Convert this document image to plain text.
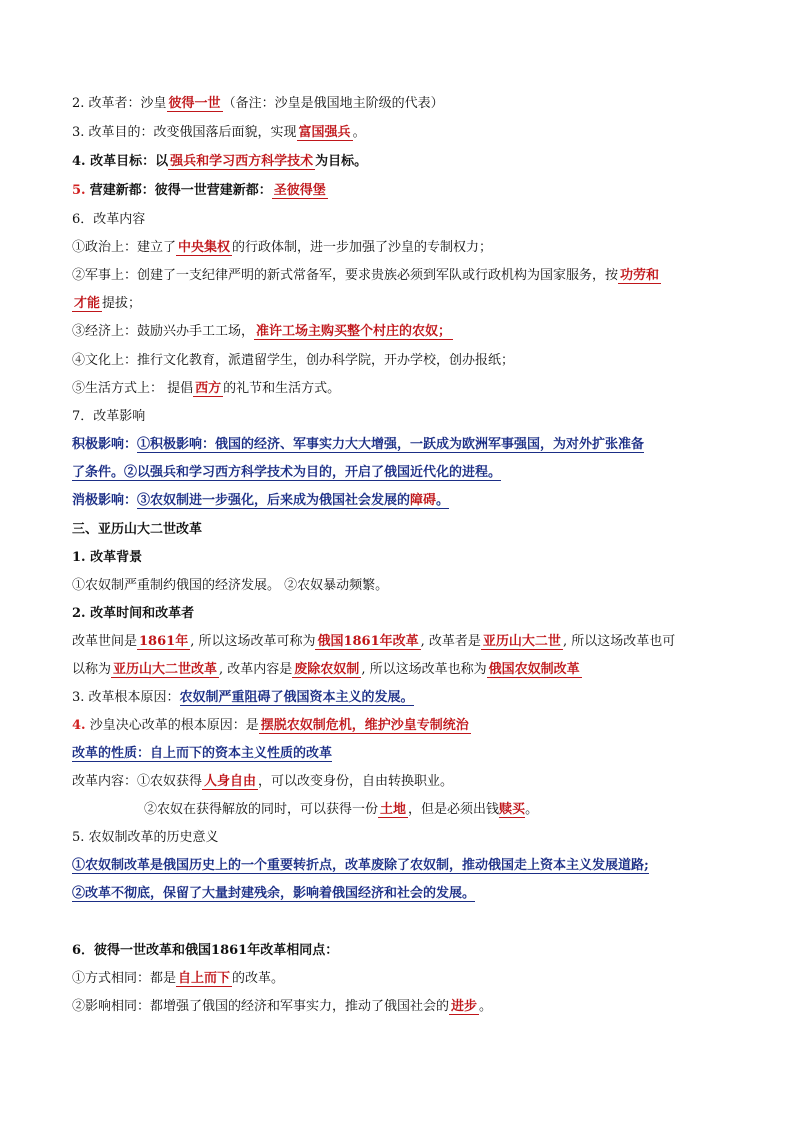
2. 改革者：沙皇 彼得一世 （备注：沙皇是俄国地主阶级的代表）
3. 改革目的：改变俄国落后面貌，实现 富国强兵 。
4. 改革目标：以 强兵和学习西方科学技术 为目标。
5. 营建新都：彼得一世营建新都： 圣彼得堡
6．改革内容
①政治上：建立了 中央集权 的行政体制，进一步加强了沙皇的专制权力；
②军事上：创建了一支纪律严明的新式常备军，要求贵族必须到军队或行政机构为国家服务，按 功劳和
才能 提拔；
③经济上：鼓励兴办手工工场， 准许工场主购买整个村庄的农奴；
④文化上：推行文化教育，派遣留学生，创办科学院，开办学校，创办报纸；
⑤生活方式上： 提倡 西方 的礼节和生活方式。
7．改革影响
积极影响：①积极影响：俄国的经济、军事实力大大增强，一跃成为欧洲军事强国，为对外扩张准备
了条件。②以强兵和学习西方科学技术为目的，开启了俄国近代化的进程。
消极影响：③农奴制进一步强化，后来成为俄国社会发展的障碍。
三、亚历山大二世改革
1. 改革背景
①农奴制严重制约俄国的经济发展。 ②农奴暴动频繁。
2. 改革时间和改革者
改革世间是 1861年 , 所以这场改革可称为 俄国1861年改革 , 改革者是 亚历山大二世 , 所以这场改革也可
以称为 亚历山大二世改革 , 改革内容是 废除农奴制 , 所以这场改革也称为 俄国农奴制改革
3. 改革根本原因：农奴制严重阻碍了俄国资本主义的发展。
4. 沙皇决心改革的根本原因：是 摆脱农奴制危机，维护沙皇专制统治
改革的性质：自上而下的资本主义性质的改革
改革内容：①农奴获得 人身自由 ，可以改变身份，自由转换职业。
②农奴在获得解放的同时，可以获得一份 土地 ，但是必须出钱赎买。
5. 农奴制改革的历史意义
①农奴制改革是俄国历史上的一个重要转折点，改革废除了农奴制，推动俄国走上资本主义发展道路;
②改革不彻底，保留了大量封建残余，影响着俄国经济和社会的发展。
6．彼得一世改革和俄国1861年改革相同点：
①方式相同：都是 自上而下 的改革。
②影响相同：都增强了俄国的经济和军事实力，推动了俄国社会的 进步 。
